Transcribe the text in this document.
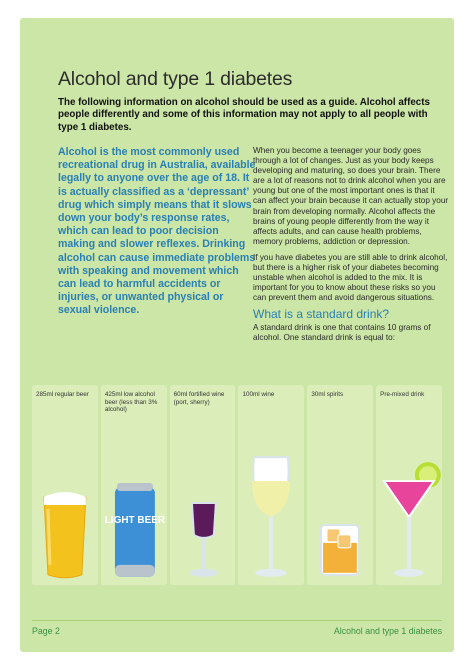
Alcohol and type 1 diabetes

The following information on alcohol should be used as a guide. Alcohol affects people differently and some of this information may not apply to all people with type 1 diabetes.

Alcohol is the most commonly used recreational drug in Australia, available legally to anyone over the age of 18. It is actually classified as a ‘depressant’ drug which simply means that it slows down your body’s response rates, which can lead to poor decision making and slower reflexes. Drinking alcohol can cause immediate problems with speaking and movement which can lead to harmful accidents or injuries, or unwanted physical or sexual violence.

When you become a teenager your body goes through a lot of changes. Just as your body keeps developing and maturing, so does your brain. There are a lot of reasons not to drink alcohol when you are young but one of the most important ones is that it can affect your brain because it can actually stop your brain from developing normally. Alcohol affects the brains of young people differently from the way it affects adults, and can cause health problems, memory problems, addiction or depression.

If you have diabetes you are still able to drink alcohol, but there is a higher risk of your diabetes becoming unstable when alcohol is added to the mix. It is important for you to know about these risks so you can prevent them and avoid dangerous situations.

What is a standard drink?

A standard drink is one that contains 10 grams of alcohol. One standard drink is equal to:

285ml regular beer	425ml low alcohol beer (less than 3% alcohol)
LIGHT BEER
60ml fortified wine (port, sherry)
100ml wine	30ml spirits	Pre-mixed drink
Page 2	Alcohol and type 1 diabetes
